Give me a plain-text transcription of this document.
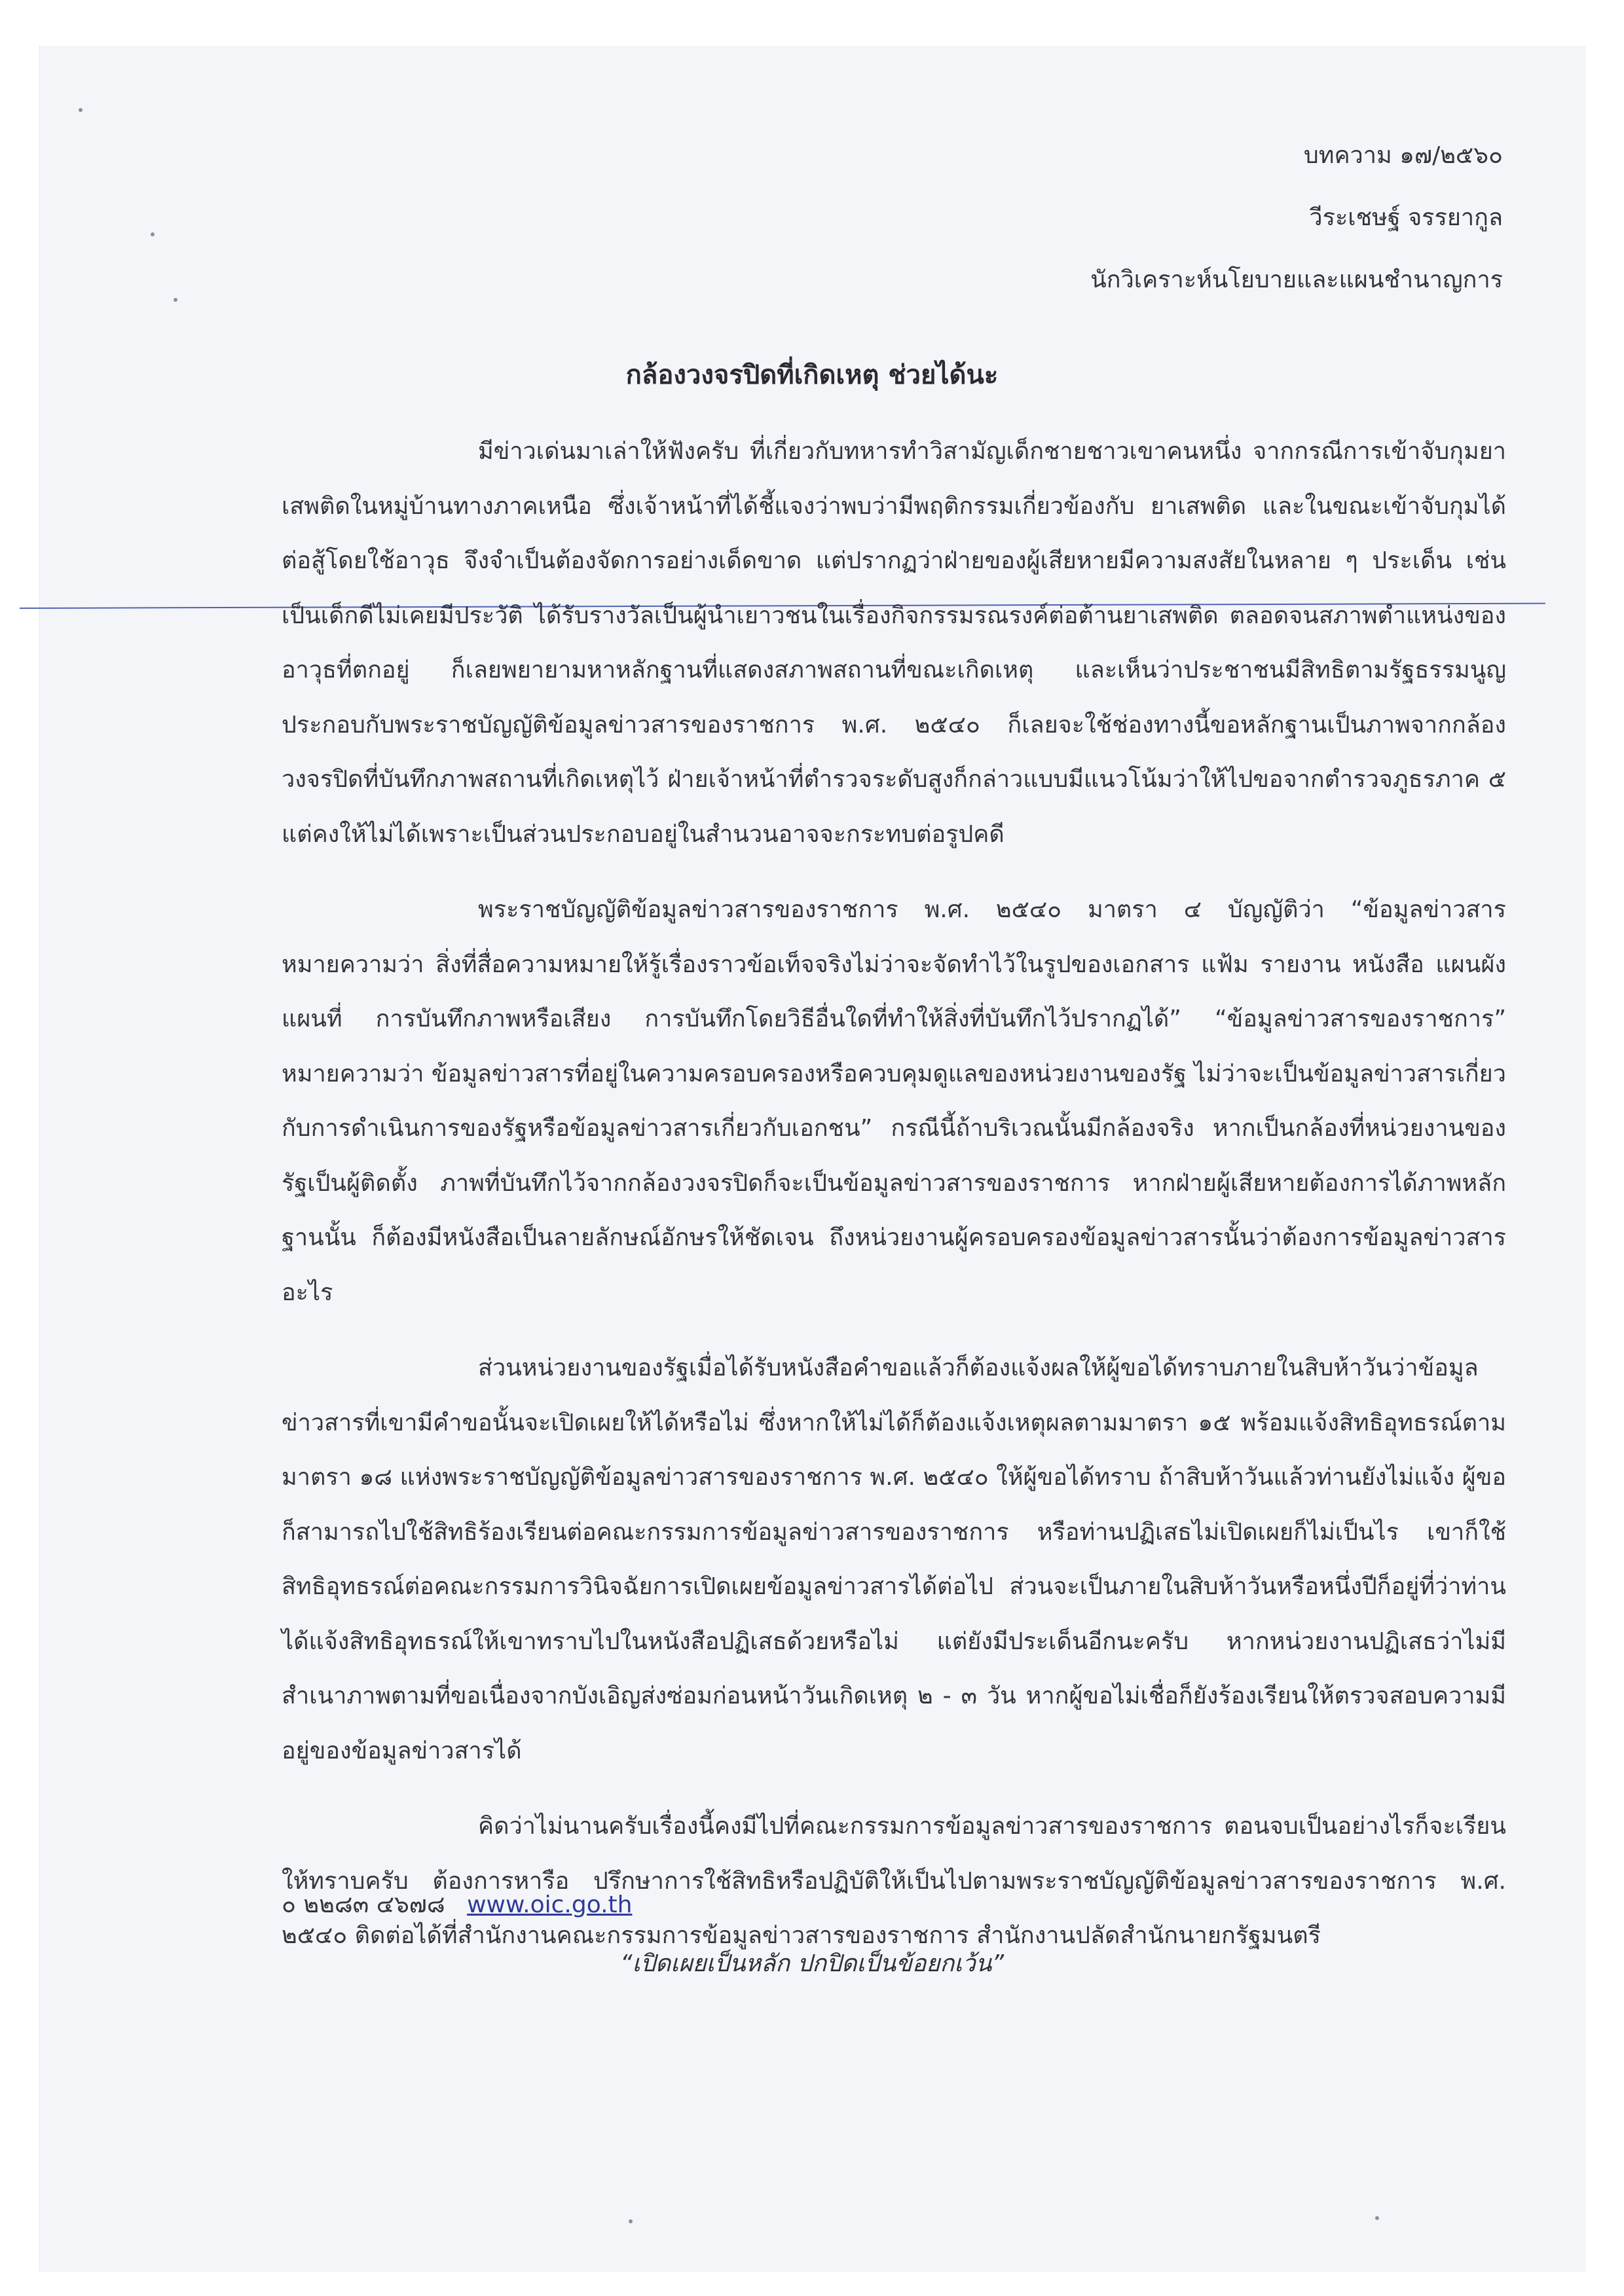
บทความ ๑๗/๒๕๖๐
วีระเชษฐ์ จรรยากูล
นักวิเคราะห์นโยบายและแผนชำนาญการ
กล้องวงจรปิดที่เกิดเหตุ ช่วยได้นะ

มีข่าวเด่นมาเล่าให้ฟังครับ ที่เกี่ยวกับทหารทำวิสามัญเด็กชายชาวเขาคนหนึ่ง จากกรณีการเข้าจับกุมยาเสพติดในหมู่บ้านทางภาคเหนือ ซึ่งเจ้าหน้าที่ได้ชี้แจงว่าพบว่ามีพฤติกรรมเกี่ยวข้องกับ ยาเสพติด และในขณะเข้าจับกุมได้ต่อสู้โดยใช้อาวุธ จึงจำเป็นต้องจัดการอย่างเด็ดขาด แต่ปรากฏว่าฝ่ายของผู้เสียหายมีความสงสัยในหลาย ๆ ประเด็น เช่น เป็นเด็กดีไม่เคยมีประวัติ ได้รับรางวัลเป็นผู้นำเยาวชนในเรื่องกิจกรรมรณรงค์ต่อต้านยาเสพติด ตลอดจนสภาพตำแหน่งของอาวุธที่ตกอยู่ ก็เลยพยายามหาหลักฐานที่แสดงสภาพสถานที่ขณะเกิดเหตุ และเห็นว่าประชาชนมีสิทธิตามรัฐธรรมนูญ ประกอบกับพระราชบัญญัติข้อมูลข่าวสารของราชการ พ.ศ. ๒๕๔๐ ก็เลยจะใช้ช่องทางนี้ขอหลักฐานเป็นภาพจากกล้องวงจรปิดที่บันทึกภาพสถานที่เกิดเหตุไว้ ฝ่ายเจ้าหน้าที่ตำรวจระดับสูงก็กล่าวแบบมีแนวโน้มว่าให้ไปขอจากตำรวจภูธรภาค ๕ แต่คงให้ไม่ได้เพราะเป็นส่วนประกอบอยู่ในสำนวนอาจจะกระทบต่อรูปคดี

พระราชบัญญัติข้อมูลข่าวสารของราชการ พ.ศ. ๒๕๔๐ มาตรา ๔ บัญญัติว่า “ข้อมูลข่าวสาร หมายความว่า สิ่งที่สื่อความหมายให้รู้เรื่องราวข้อเท็จจริงไม่ว่าจะจัดทำไว้ในรูปของเอกสาร แฟ้ม รายงาน หนังสือ แผนผัง แผนที่ การบันทึกภาพหรือเสียง การบันทึกโดยวิธีอื่นใดที่ทำให้สิ่งที่บันทึกไว้ปรากฏได้” “ข้อมูลข่าวสารของราชการ” หมายความว่า ข้อมูลข่าวสารที่อยู่ในความครอบครองหรือควบคุมดูแลของหน่วยงานของรัฐ ไม่ว่าจะเป็นข้อมูลข่าวสารเกี่ยวกับการดำเนินการของรัฐหรือข้อมูลข่าวสารเกี่ยวกับเอกชน” กรณีนี้ถ้าบริเวณนั้นมีกล้องจริง หากเป็นกล้องที่หน่วยงานของรัฐเป็นผู้ติดตั้ง ภาพที่บันทึกไว้จากกล้องวงจรปิดก็จะเป็นข้อมูลข่าวสารของราชการ หากฝ่ายผู้เสียหายต้องการได้ภาพหลักฐานนั้น ก็ต้องมีหนังสือเป็นลายลักษณ์อักษรให้ชัดเจน ถึงหน่วยงานผู้ครอบครองข้อมูลข่าวสารนั้นว่าต้องการข้อมูลข่าวสารอะไร

ส่วนหน่วยงานของรัฐเมื่อได้รับหนังสือคำขอแล้วก็ต้องแจ้งผลให้ผู้ขอได้ทราบภายในสิบห้าวันว่าข้อมูลข่าวสารที่เขามีคำขอนั้นจะเปิดเผยให้ได้หรือไม่ ซึ่งหากให้ไม่ได้ก็ต้องแจ้งเหตุผลตามมาตรา ๑๕ พร้อมแจ้งสิทธิอุทธรณ์ตามมาตรา ๑๘ แห่งพระราชบัญญัติข้อมูลข่าวสารของราชการ พ.ศ. ๒๕๔๐ ให้ผู้ขอได้ทราบ ถ้าสิบห้าวันแล้วท่านยังไม่แจ้ง ผู้ขอก็สามารถไปใช้สิทธิร้องเรียนต่อคณะกรรมการข้อมูลข่าวสารของราชการ หรือท่านปฏิเสธไม่เปิดเผยก็ไม่เป็นไร เขาก็ใช้สิทธิอุทธรณ์ต่อคณะกรรมการวินิจฉัยการเปิดเผยข้อมูลข่าวสารได้ต่อไป ส่วนจะเป็นภายในสิบห้าวันหรือหนึ่งปีก็อยู่ที่ว่าท่านได้แจ้งสิทธิอุทธรณ์ให้เขาทราบไปในหนังสือปฏิเสธด้วยหรือไม่ แต่ยังมีประเด็นอีกนะครับ หากหน่วยงานปฏิเสธว่าไม่มีสำเนาภาพตามที่ขอเนื่องจากบังเอิญส่งซ่อมก่อนหน้าวันเกิดเหตุ ๒ - ๓ วัน หากผู้ขอไม่เชื่อก็ยังร้องเรียนให้ตรวจสอบความมีอยู่ของข้อมูลข่าวสารได้

คิดว่าไม่นานครับเรื่องนี้คงมีไปที่คณะกรรมการข้อมูลข่าวสารของราชการ ตอนจบเป็นอย่างไรก็จะเรียนให้ทราบครับ ต้องการหารือ ปรึกษาการใช้สิทธิหรือปฏิบัติให้เป็นไปตามพระราชบัญญัติข้อมูลข่าวสารของราชการ พ.ศ. ๒๕๔๐ ติดต่อได้ที่สำนักงานคณะกรรมการข้อมูลข่าวสารของราชการ สำนักงานปลัดสำนักนายกรัฐมนตรี

๐ ๒๒๘๓ ๔๖๗๘ www.oic.go.th
“เปิดเผยเป็นหลัก ปกปิดเป็นข้อยกเว้น”
